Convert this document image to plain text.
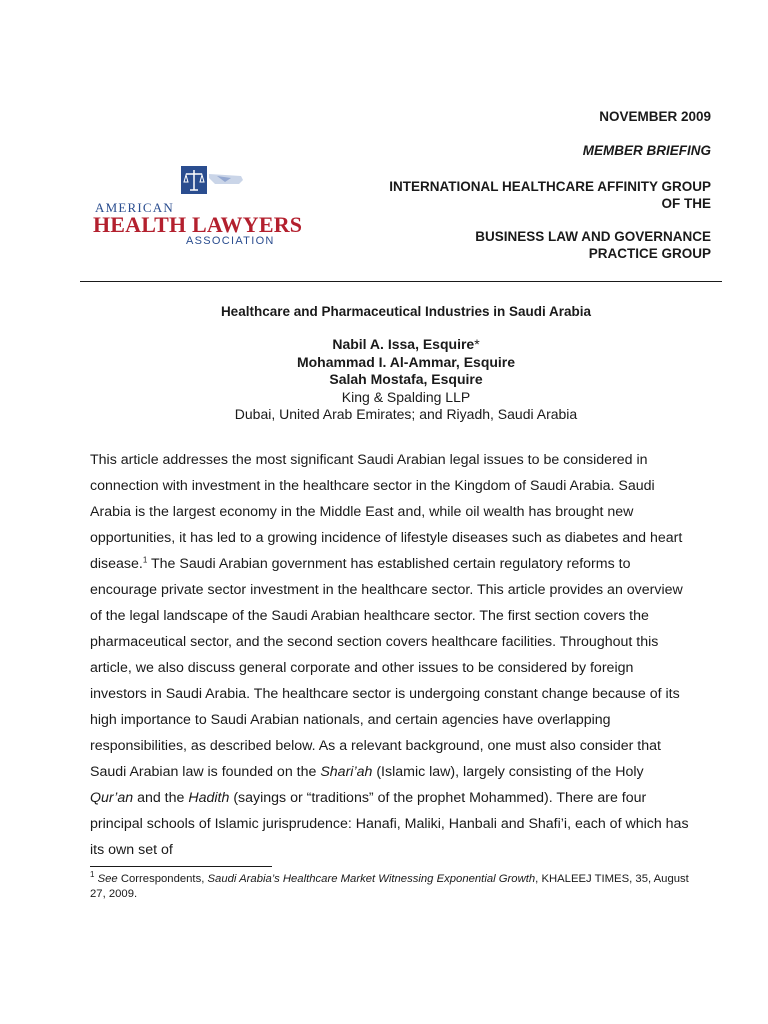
AMERICAN
HEALTH LAWYERS
ASSOCIATION
NOVEMBER 2009
MEMBER BRIEFING
INTERNATIONAL HEALTHCARE AFFINITY GROUP
OF THE
BUSINESS LAW AND GOVERNANCE
PRACTICE GROUP
Healthcare and Pharmaceutical Industries in Saudi Arabia
Nabil A. Issa, Esquire*
Mohammad I. Al-Ammar, Esquire
Salah Mostafa, Esquire
King & Spalding LLP
Dubai, United Arab Emirates; and Riyadh, Saudi Arabia

This article addresses the most significant Saudi Arabian legal issues to be considered in connection with investment in the healthcare sector in the Kingdom of Saudi Arabia. Saudi Arabia is the largest economy in the Middle East and, while oil wealth has brought new opportunities, it has led to a growing incidence of lifestyle diseases such as diabetes and heart disease.$^1$ The Saudi Arabian government has established certain regulatory reforms to encourage private sector investment in the healthcare sector. This article provides an overview of the legal landscape of the Saudi Arabian healthcare sector. The first section covers the pharmaceutical sector, and the second section covers healthcare facilities. Throughout this article, we also discuss general corporate and other issues to be considered by foreign investors in Saudi Arabia. The healthcare sector is undergoing constant change because of its high importance to Saudi Arabian nationals, and certain agencies have overlapping responsibilities, as described below. As a relevant background, one must also consider that Saudi Arabian law is founded on the Shari’ah (Islamic law), largely consisting of the Holy Qur’an and the Hadith (sayings or “traditions” of the prophet Mohammed). There are four principal schools of Islamic jurisprudence: Hanafi, Maliki, Hanbali and Shafi’i, each of which has its own set of

$^1$ See Correspondents, Saudi Arabia’s Healthcare Market Witnessing Exponential Growth, KHALEEJ TIMES, 35, August 27, 2009.
